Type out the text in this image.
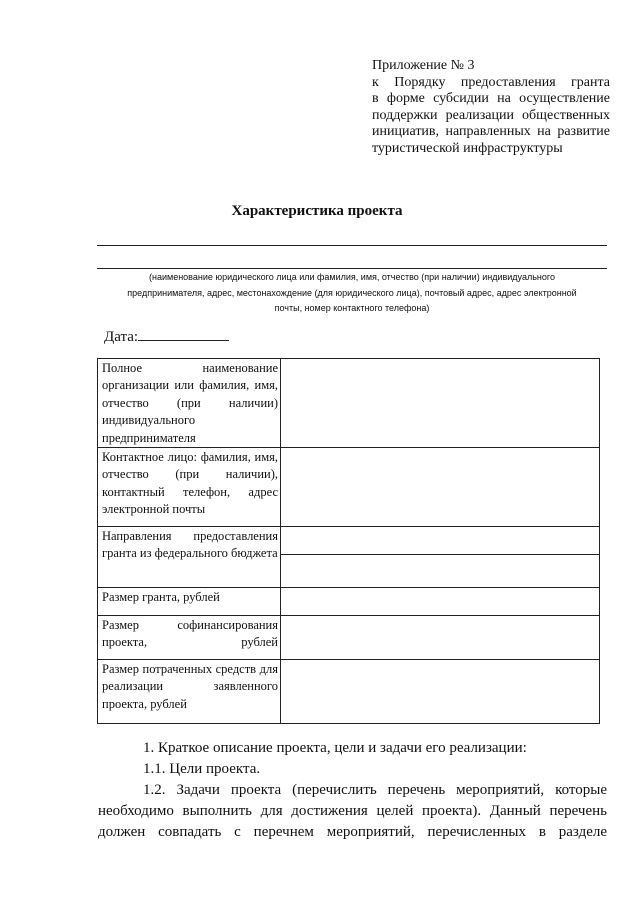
Приложение № 3
к Порядку предоставления гранта
в форме субсидии на осуществление
поддержки реализации общественных
инициатив, направленных на развитие
туристической инфраструктуры
Характеристика проекта
(наименование юридического лица или фамилия, имя, отчество (при наличии) индивидуального
предпринимателя, адрес, местонахождение (для юридического лица), почтовый адрес, адрес электронной
почты, номер контактного телефона)
Дата:
Полное наименование организации или фамилия, имя, отчество (при наличии) индивидуального предпринимателя	
Контактное лицо: фамилия, имя, отчество (при наличии), контактный телефон, адрес электронной почты	
Направления предоставления гранта из федерального бюджета	

Размер гранта, рублей	
Размер софинансирования проекта, рублей	
Размер потраченных средств для реализации заявленного проекта, рублей	
1. Краткое описание проекта, цели и задачи его реализации:
1.1. Цели проекта.
1.2. Задачи проекта (перечислить перечень мероприятий, которые
необходимо выполнить для достижения целей проекта). Данный перечень
должен совпадать с перечнем мероприятий, перечисленных в разделе
